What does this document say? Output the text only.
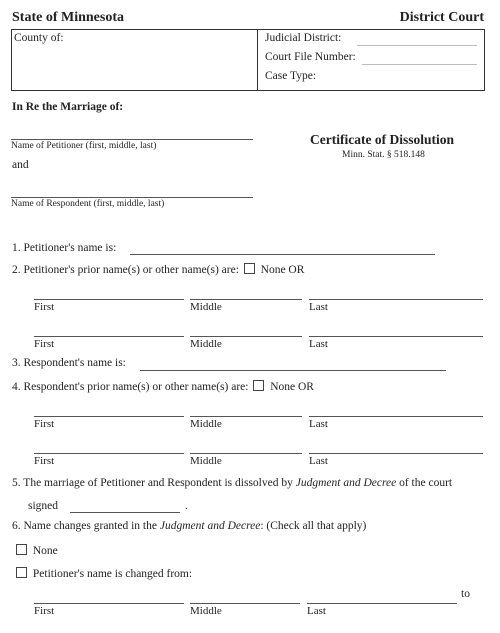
State of Minnesota	District Court
County of:	Judicial District:
Court File Number:
Case Type:
In Re the Marriage of:
Name of Petitioner (first, middle, last)
and
Name of Respondent (first, middle, last)
Certificate of Dissolution
Minn. Stat. § 518.148
1. Petitioner's name is:
2. Petitioner's prior name(s) or other name(s) are: None OR
First	Middle	Last
First	Middle	Last
3. Respondent's name is:
4. Respondent's prior name(s) or other name(s) are: None OR
First	Middle	Last
First	Middle	Last
5. The marriage of Petitioner and Respondent is dissolved by Judgment and Decree of the court
signed	.
6. Name changes granted in the Judgment and Decree: (Check all that apply)
None
Petitioner's name is changed from:
to
First	Middle	Last
